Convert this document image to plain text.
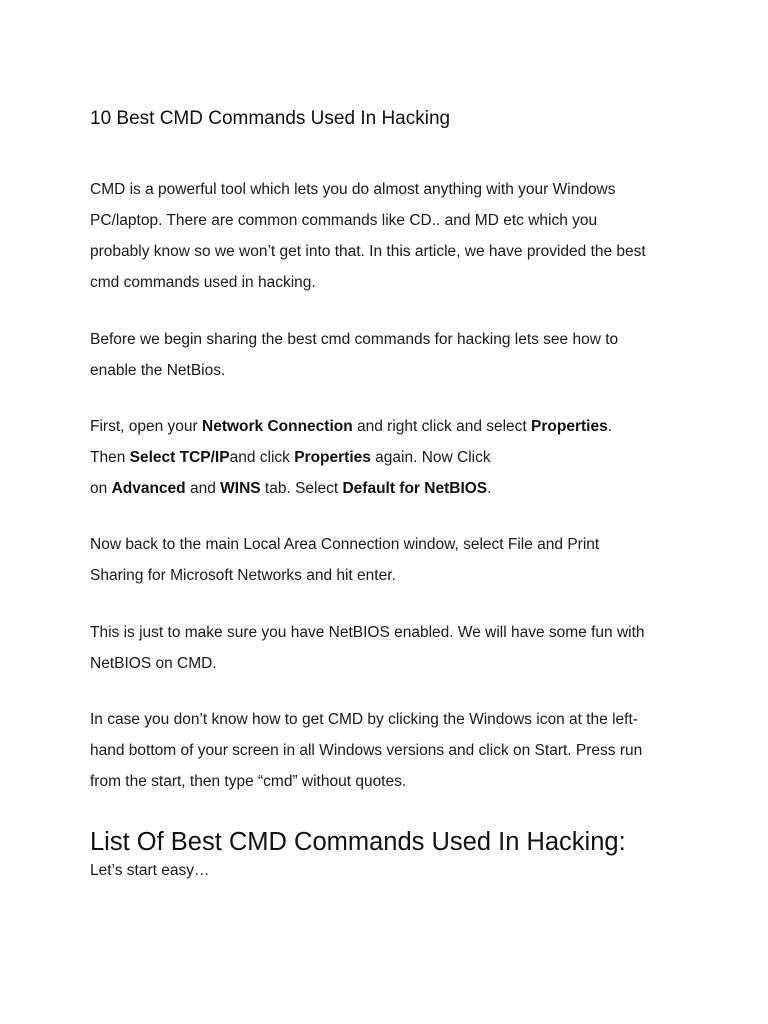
10 Best CMD Commands Used In Hacking

CMD is a powerful tool which lets you do almost anything with your Windows
PC/laptop. There are common commands like CD.. and MD etc which you
probably know so we won’t get into that. In this article, we have provided the best
cmd commands used in hacking.

Before we begin sharing the best cmd commands for hacking lets see how to
enable the NetBios.

First, open your Network Connection and right click and select Properties.
Then Select TCP/IPand click Properties again. Now Click
on Advanced and WINS tab. Select Default for NetBIOS.

Now back to the main Local Area Connection window, select File and Print
Sharing for Microsoft Networks and hit enter.

This is just to make sure you have NetBIOS enabled. We will have some fun with
NetBIOS on CMD.

In case you don’t know how to get CMD by clicking the Windows icon at the left-
hand bottom of your screen in all Windows versions and click on Start. Press run
from the start, then type “cmd” without quotes.

List Of Best CMD Commands Used In Hacking:

Let’s start easy…
